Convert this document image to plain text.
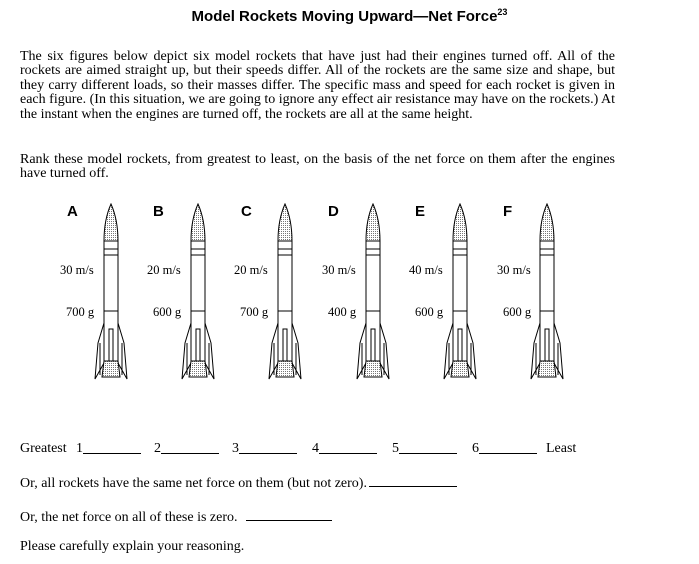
Model Rockets Moving Upward—Net Force$^{23}$
The six figures below depict six model rockets that have just had their engines turned off. All of the rockets are aimed straight up, but their speeds differ. All of the rockets are the same size and shape, but they carry different loads, so their masses differ. The specific mass and speed for each rocket is given in each figure. (In this situation, we are going to ignore any effect air resistance may have on the rockets.) At the instant when the engines are turned off, the rockets are all at the same height.
Rank these model rockets, from greatest to least, on the basis of the net force on them after the engines have turned off.
A
30 m/s
700 g
B
20 m/s
600 g
C
20 m/s
700 g
D
30 m/s
400 g
E
40 m/s
600 g
F
30 m/s
600 g
Greatest 1	2	3	4	5	6	Least
Or, all rockets have the same net force on them (but not zero).
Or, the net force on all of these is zero.
Please carefully explain your reasoning.
